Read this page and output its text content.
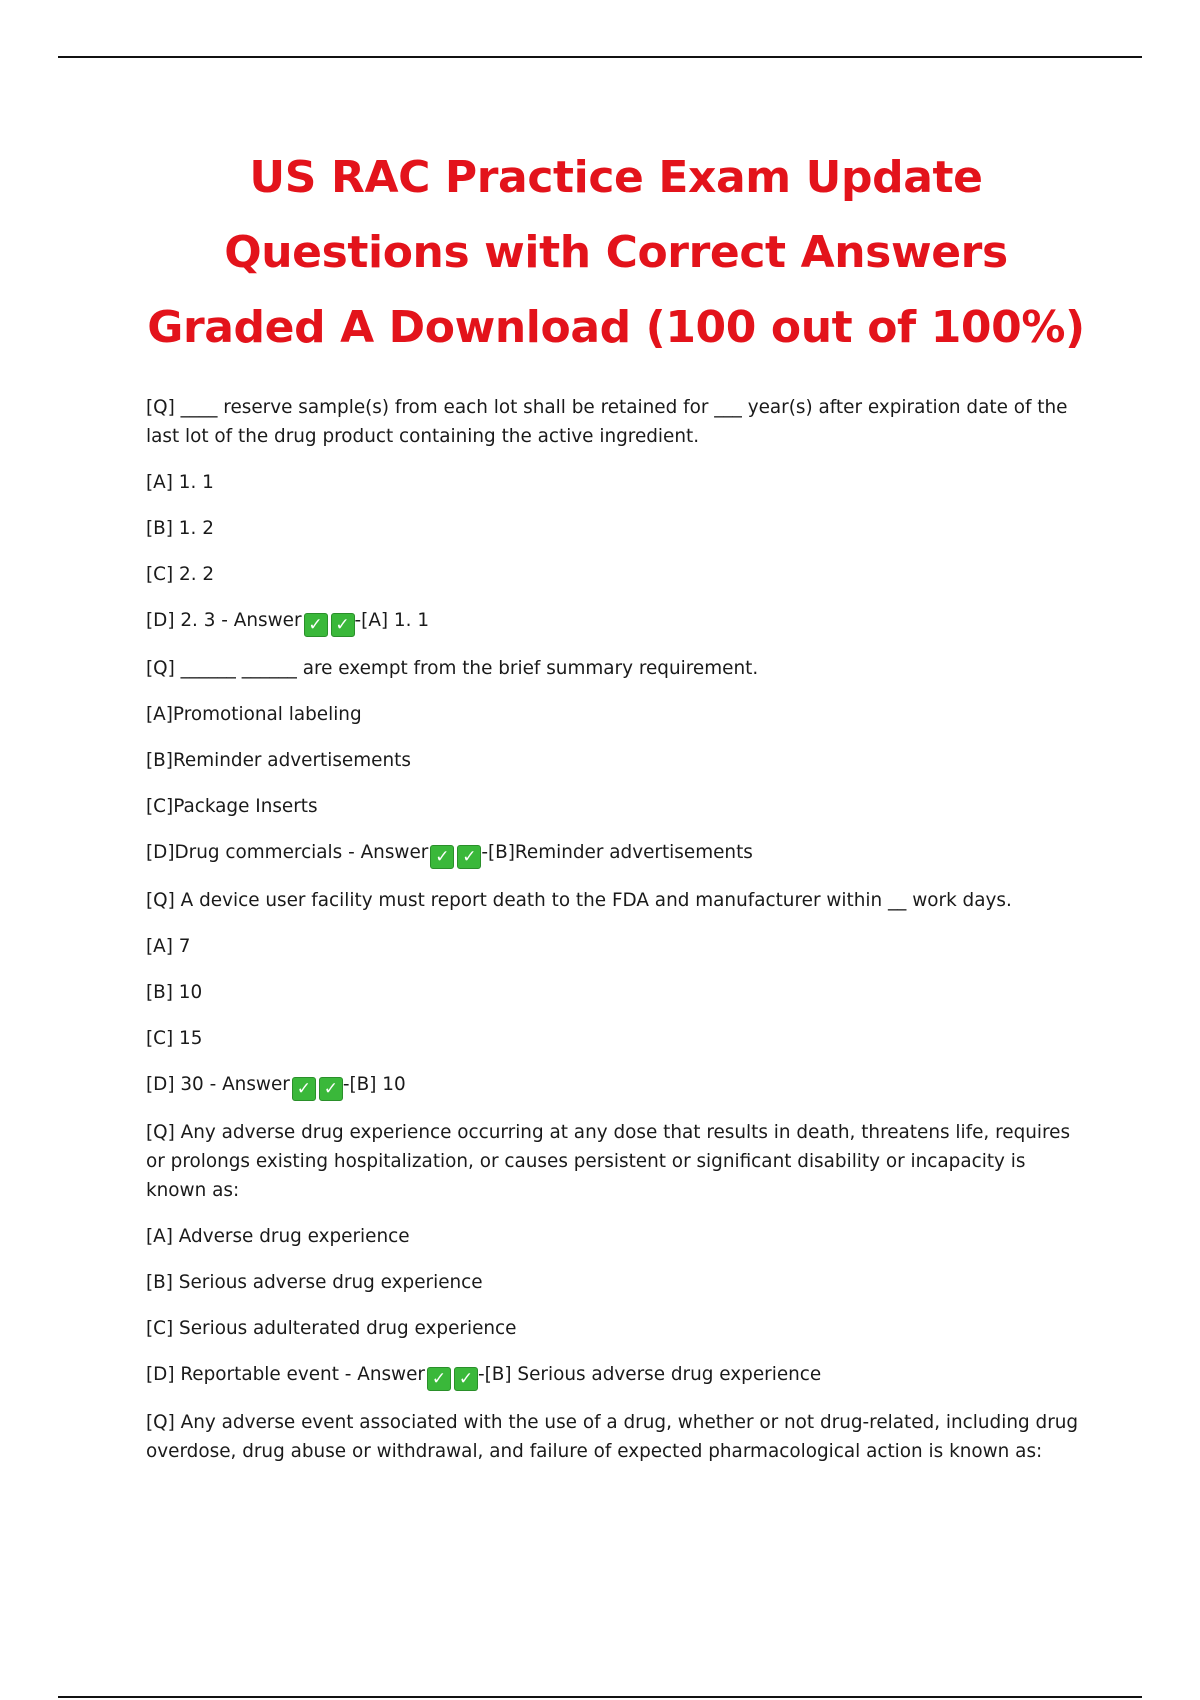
US RAC Practice Exam Update Questions with Correct Answers Graded A Download (100 out of 100%)
[Q] ____ reserve sample(s) from each lot shall be retained for ___ year(s) after expiration date of the last lot of the drug product containing the active ingredient.
[A] 1. 1
[B] 1. 2
[C] 2. 2
[D] 2. 3 - Answer ✓ ✓ -[A] 1. 1
[Q] ______ ______ are exempt from the brief summary requirement.
[A]Promotional labeling
[B]Reminder advertisements
[C]Package Inserts
[D]Drug commercials - Answer ✓ ✓ -[B]Reminder advertisements
[Q] A device user facility must report death to the FDA and manufacturer within __ work days.
[A] 7
[B] 10
[C] 15
[D] 30 - Answer ✓ ✓ -[B] 10
[Q] Any adverse drug experience occurring at any dose that results in death, threatens life, requires or prolongs existing hospitalization, or causes persistent or significant disability or incapacity is known as:
[A] Adverse drug experience
[B] Serious adverse drug experience
[C] Serious adulterated drug experience
[D] Reportable event - Answer ✓ ✓ -[B] Serious adverse drug experience
[Q] Any adverse event associated with the use of a drug, whether or not drug-related, including drug overdose, drug abuse or withdrawal, and failure of expected pharmacological action is known as:
